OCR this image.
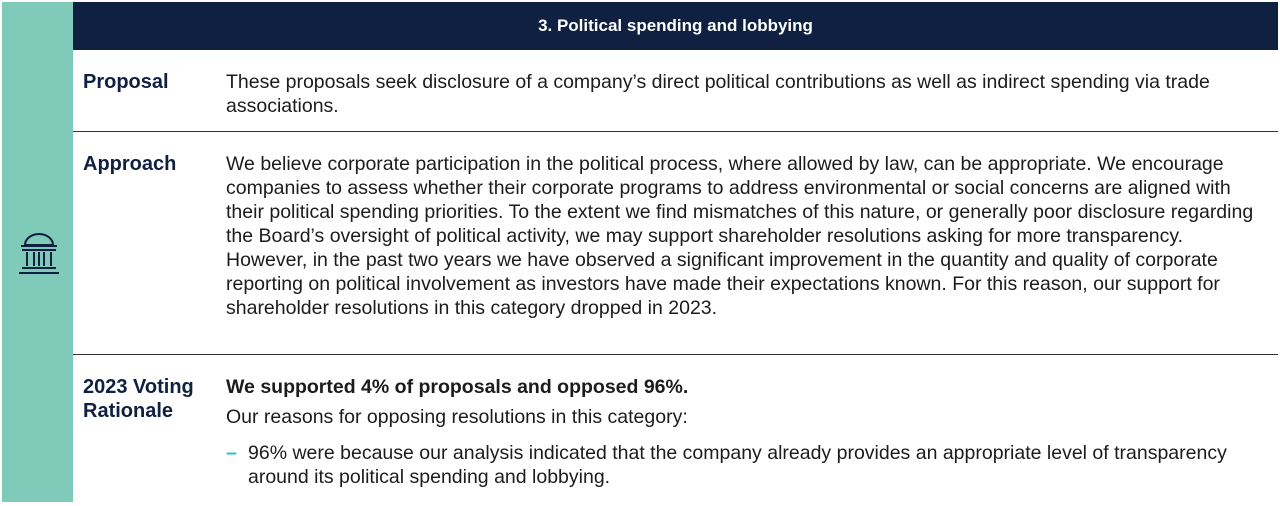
3. Political spending and lobbying
Proposal	These proposals seek disclosure of a company’s direct political contributions as well as indirect spending via trade associations.
Approach	We believe corporate participation in the political process, where allowed by law, can be appropriate. We encourage companies to assess whether their corporate programs to address environmental or social concerns are aligned with their political spending priorities. To the extent we find mismatches of this nature, or generally poor disclosure regarding the Board’s oversight of political activity, we may support shareholder resolutions asking for more transparency. However, in the past two years we have observed a significant improvement in the quantity and quality of corporate reporting on political involvement as investors have made their expectations known. For this reason, our support for shareholder resolutions in this category dropped in 2023.
2023 Voting Rationale
We supported 4% of proposals and opposed 96%.
Our reasons for opposing resolutions in this category:
– 96% were because our analysis indicated that the company already provides an appropriate level of transparency around its political spending and lobbying.
